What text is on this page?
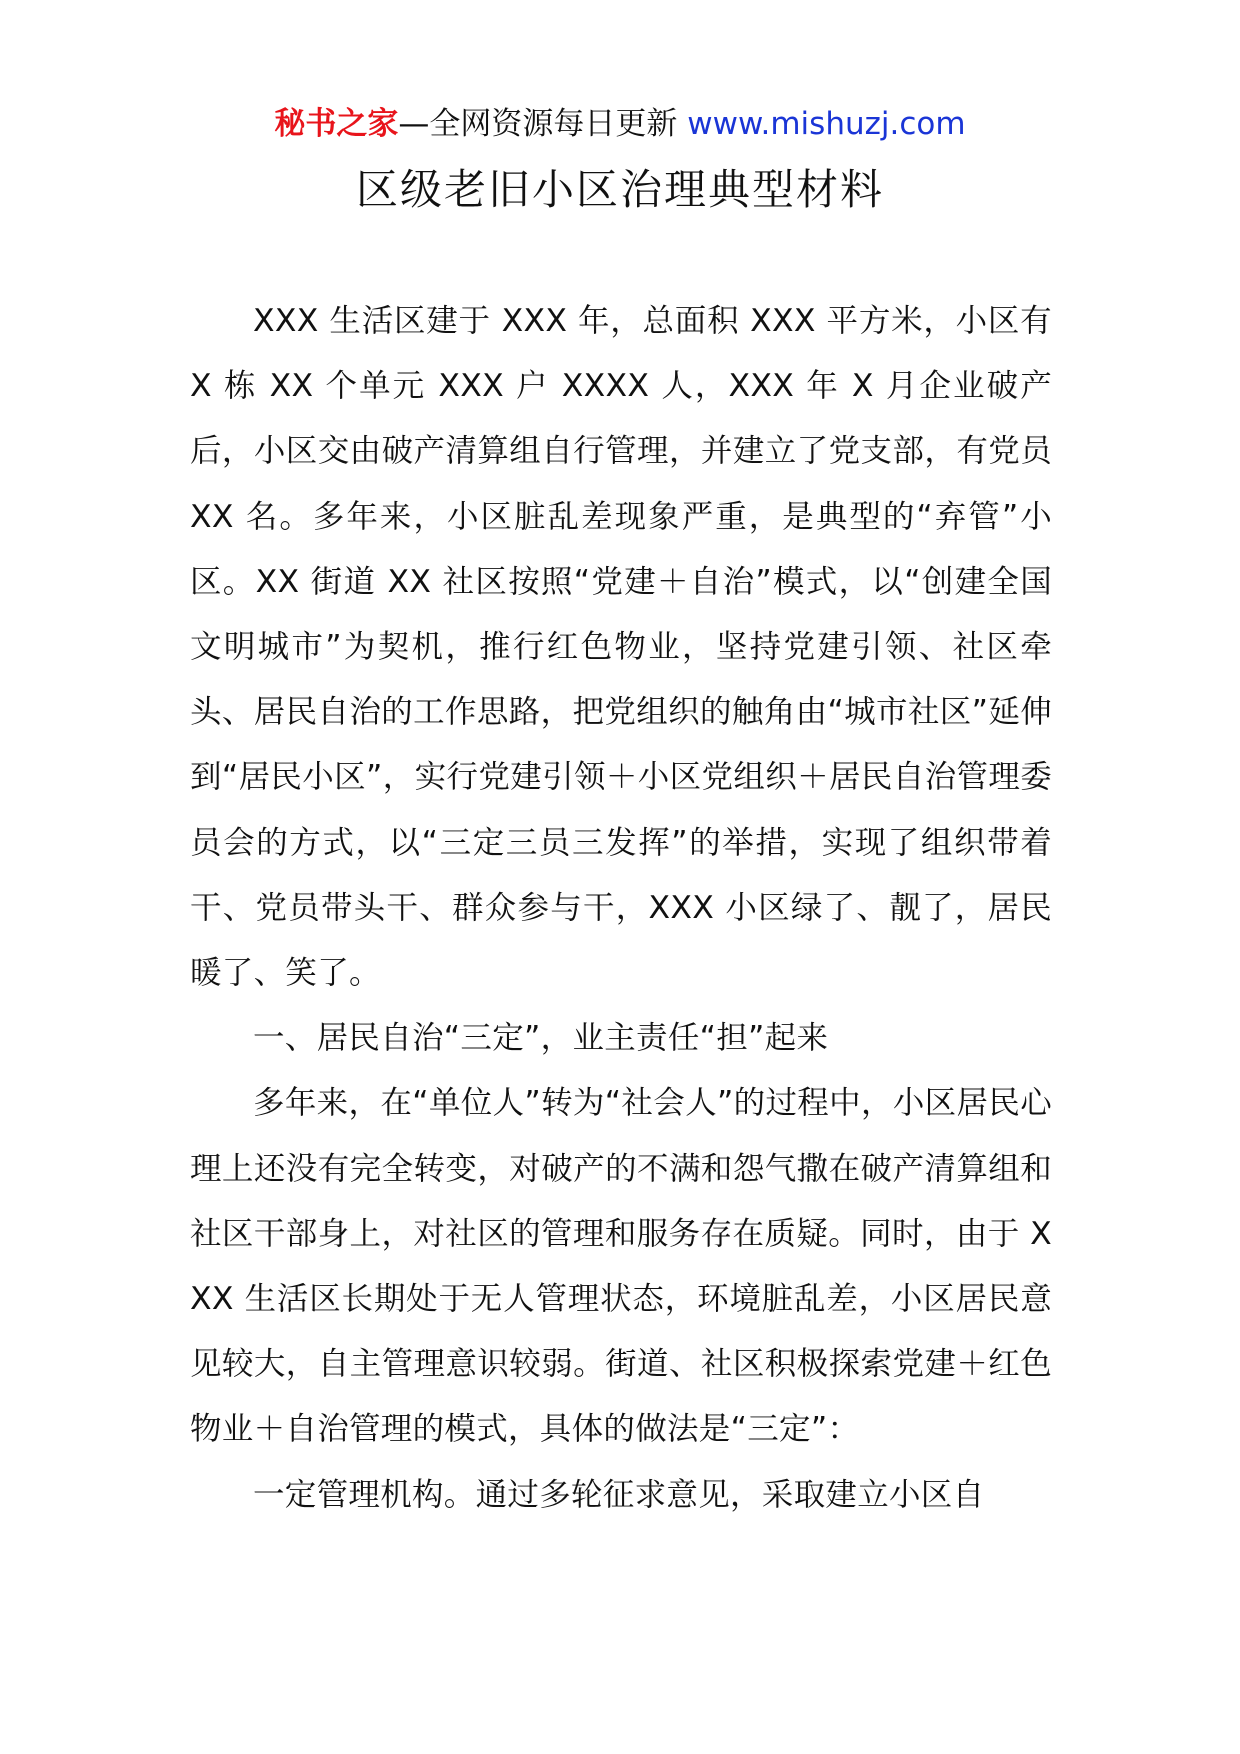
秘书之家—全网资源每日更新 www.mishuzj.com
区级老旧小区治理典型材料

XXX 生活区建于 XXX 年，总面积 XXX 平方米，小区有 X 栋 XX 个单元 XXX 户 XXXX 人，XXX 年 X 月企业破产后，小区交由破产清算组自行管理，并建立了党支部，有党员 XX 名。多年来，小区脏乱差现象严重，是典型的“弃管”小区。XX 街道 XX 社区按照“党建＋自治”模式，以“创建全国文明城市”为契机，推行红色物业，坚持党建引领、社区牵头、居民自治的工作思路，把党组织的触角由“城市社区”延伸到“居民小区”，实行党建引领＋小区党组织＋居民自治管理委员会的方式，以“三定三员三发挥”的举措，实现了组织带着干、党员带头干、群众参与干，XXX 小区绿了、靓了，居民暖了、笑了。

一、居民自治“三定”，业主责任“担”起来

多年来，在“单位人”转为“社会人”的过程中，小区居民心理上还没有完全转变，对破产的不满和怨气撒在破产清算组和社区干部身上，对社区的管理和服务存在质疑。同时，由于 XXX 生活区长期处于无人管理状态，环境脏乱差，小区居民意见较大，自主管理意识较弱。街道、社区积极探索党建＋红色物业＋自治管理的模式，具体的做法是“三定”：

一定管理机构。通过多轮征求意见，采取建立小区自
